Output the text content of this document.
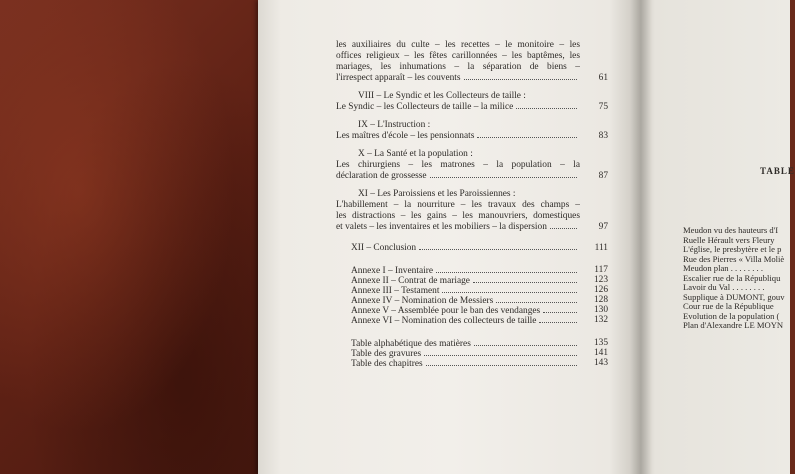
les auxiliaires du culte – les recettes – le monitoire – les
offices religieux – les fêtes carillonnées – les baptêmes, les
mariages, les inhumations – la séparation de biens –
l'irrespect apparaît – les couvents	61
VIII – Le Syndic et les Collecteurs de taille :
Le Syndic – les Collecteurs de taille – la milice	75
IX – L'Instruction :
Les maîtres d'école – les pensionnats	83
X – La Santé et la population :
Les chirurgiens – les matrones – la population – la
déclaration de grossesse	87
XI – Les Paroissiens et les Paroissiennes :
L'habillement – la nourriture – les travaux des champs –
les distractions – les gains – les manouvriers, domestiques
et valets – les inventaires et les mobiliers – la dispersion	97
XII – Conclusion	111
Annexe I – Inventaire	117
Annexe II – Contrat de mariage	123
Annexe III – Testament	126
Annexe IV – Nomination de Messiers	128
Annexe V – Assemblée pour le ban des vendanges	130
Annexe VI – Nomination des collecteurs de taille	132
Table alphabétique des matières	135
Table des gravures	141
Table des chapitres	143
TABLE
Meudon vu des hauteurs d'I
Ruelle Hérault vers Fleury
L'église, le presbytère et le p
Rue des Pierres « Villa Moliè
Meudon plan . . . . . . . .
Escalier rue de la Républiqu
Lavoir du Val . . . . . . . .
Supplique à DUMONT, gouv
Cour rue de la République
Evolution de la population (
Plan d'Alexandre LE MOYN
